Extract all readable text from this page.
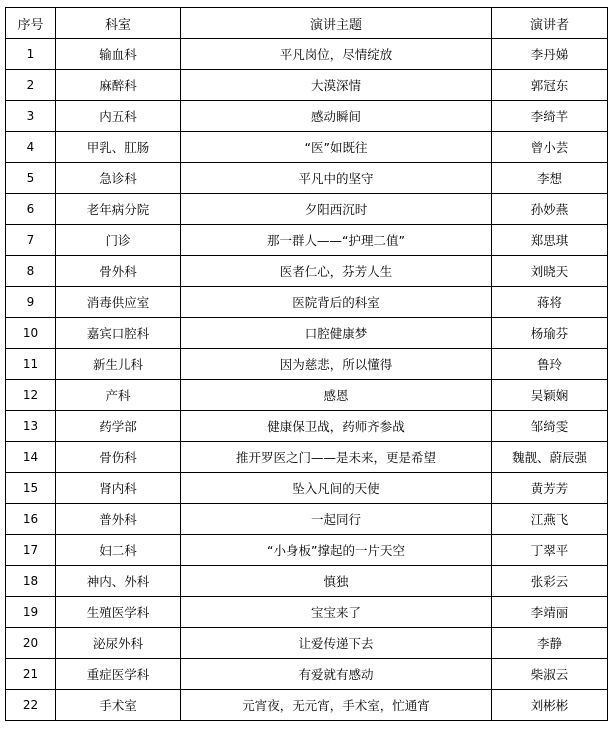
序号	科室	演讲主题	演讲者
1	输血科	平凡岗位，尽情绽放	李丹娣
2	麻醉科	大漠深情	郭冠东
3	内五科	感动瞬间	李绮芊
4	甲乳、肛肠	“医”如既往	曾小芸
5	急诊科	平凡中的坚守	李想
6	老年病分院	夕阳西沉时	孙妙燕
7	门诊	那一群人——“护理二值”	郑思琪
8	骨外科	医者仁心，芬芳人生	刘晓天
9	消毒供应室	医院背后的科室	蒋将
10	嘉宾口腔科	口腔健康梦	杨瑜芬
11	新生儿科	因为慈悲，所以懂得	鲁玲
12	产科	感恩	吴颖娴
13	药学部	健康保卫战，药师齐参战	邹绮雯
14	骨伤科	推开罗医之门——是未来，更是希望	魏靓、蔚辰强
15	肾内科	坠入凡间的天使	黄芳芳
16	普外科	一起同行	江燕飞
17	妇二科	“小身板”撑起的一片天空	丁翠平
18	神内、外科	慎独	张彩云
19	生殖医学科	宝宝来了	李靖丽
20	泌尿外科	让爱传递下去	李静
21	重症医学科	有爱就有感动	柴淑云
22	手术室	元宵夜，无元宵，手术室，忙通宵	刘彬彬
